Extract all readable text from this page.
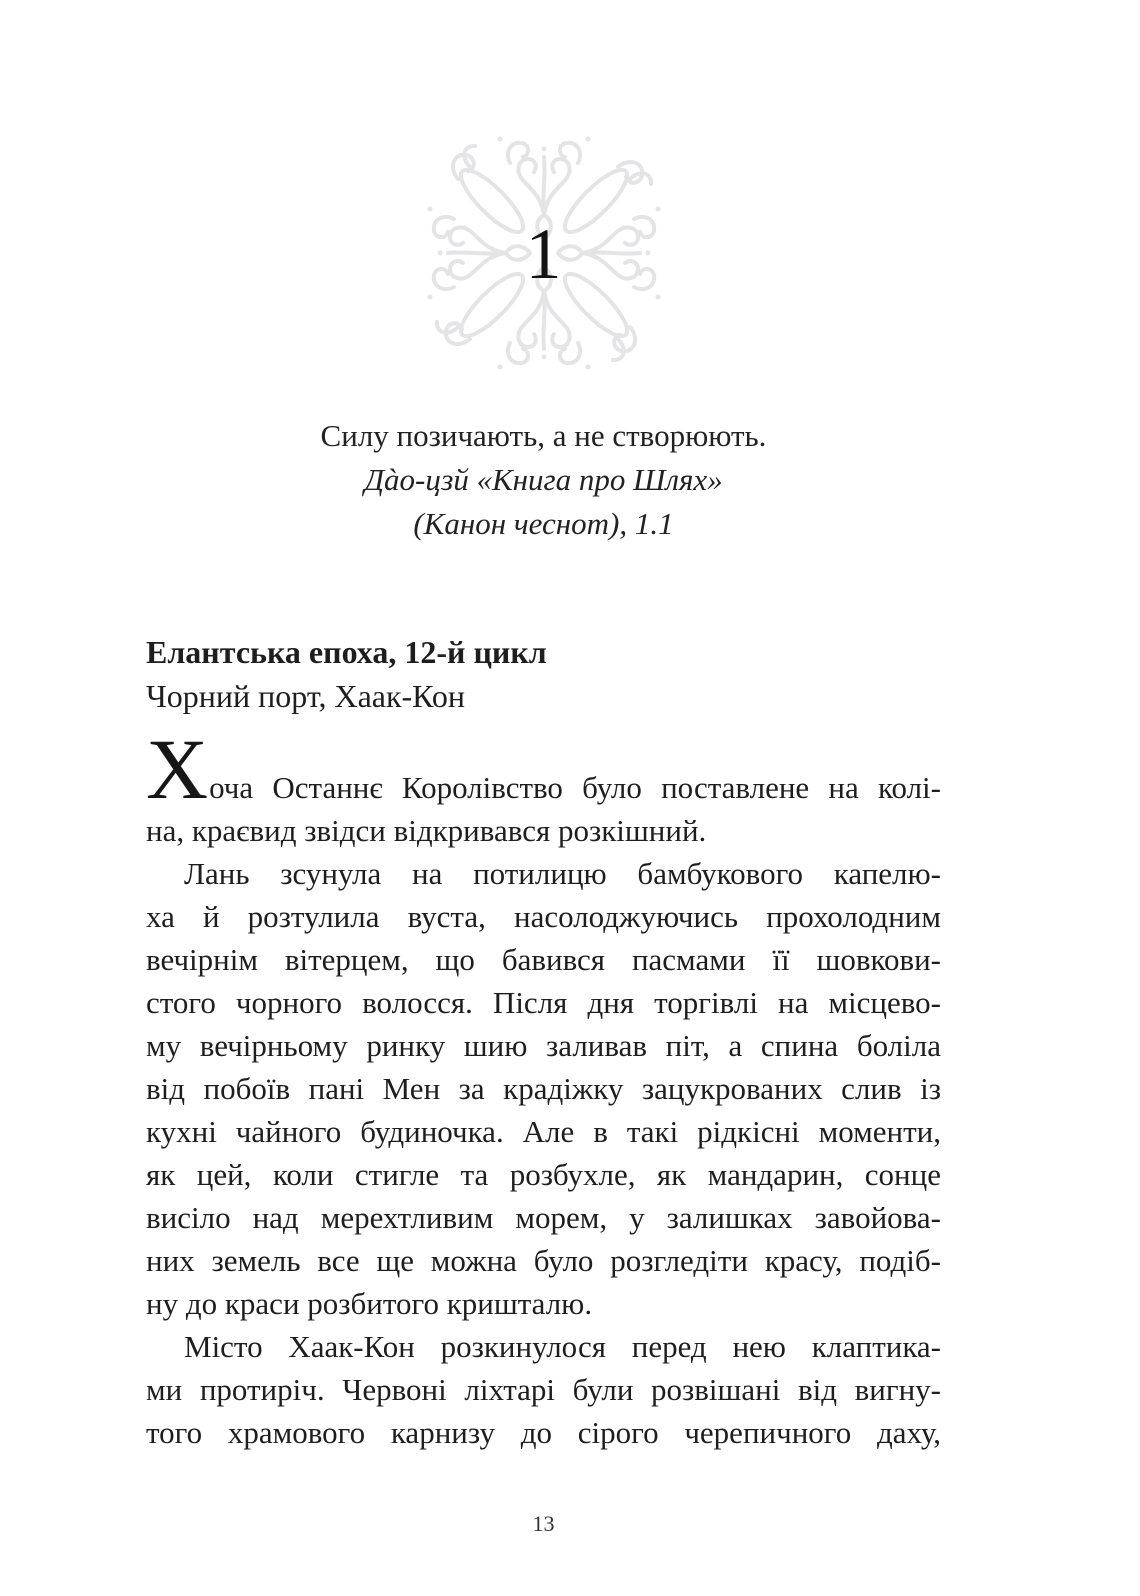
1
Силу позичають, а не створюють.
Дàо-цзй «Книга про Шлях»
(Канон чеснот), 1.1
Елантська епоха, 12-й цикл
Чорний порт, Хаак-Кон
Хоча Останнє Королівство було поставлене на колі-
на, краєвид звідси відкривався розкішний.
Лань зсунула на потилицю бамбукового капелю-
ха й розтулила вуста, насолоджуючись прохолодним
вечірнім вітерцем, що бавився пасмами її шовкови-
стого чорного волосся. Після дня торгівлі на місцево-
му вечірньому ринку шию заливав піт, а спина боліла
від побоїв пані Мен за крадіжку зацукрованих слив із
кухні чайного будиночка. Але в такі рідкісні моменти,
як цей, коли стигле та розбухле, як мандарин, сонце
висіло над мерехтливим морем, у залишках завойова-
них земель все ще можна було розгледіти красу, подіб-
ну до краси розбитого кришталю.
Місто Хаак-Кон розкинулося перед нею клаптика-
ми протиріч. Червоні ліхтарі були розвішані від вигну-
того храмового карнизу до сірого черепичного даху,
13
